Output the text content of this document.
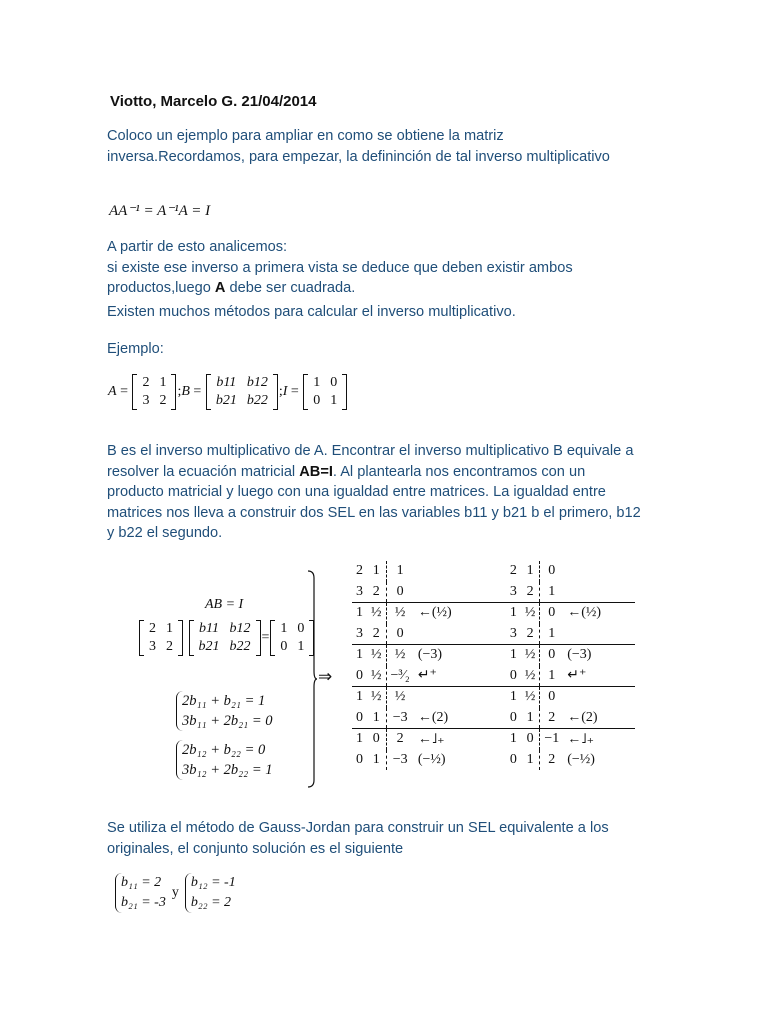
Viotto, Marcelo G. 21/04/2014

Coloco un ejemplo para ampliar en como se obtiene la matriz
inversa.Recordamos, para empezar, la defininción de tal inverso multiplicativo

AA⁻¹ = A⁻¹A = I

A partir de esto analicemos:
si existe ese inverso a primera vista se deduce que deben existir ambos
productos,luego A debe ser cuadrada.

Existen muchos métodos para calcular el inverso multiplicativo.

Ejemplo:

A =
2	1
3	2
; B =
b11	b12
b21	b22
; I =
1	0
0	1

B es el inverso multiplicativo de A. Encontrar el inverso multiplicativo B equivale a
resolver la ecuación matricial AB=I. Al plantearla nos encontramos con un
producto matricial y luego con una igualdad entre matrices. La igualdad entre
matrices nos lleva a construir dos SEL en las variables b11 y b21 b el primero, b12
y b22 el segundo.

AB = I
2	1
3	2

b11	b12
b21	b22
=
1	0
0	1
2b₁₁ + b₂₁ = 1
3b₁₁ + 2b₂₁ = 0
2b₁₂ + b₂₂ = 0
3b₁₂ + 2b₂₂ = 1
⇒
2	1	1			2	1	0	
3	2	0			3	2	1	
1	½	½	←(½)		1	½	0	←(½)
3	2	0			3	2	1	
1	½	½	(−3)		1	½	0	(−3)
0	½	−³⁄₂	↵⁺		0	½	1	↵⁺
1	½	½			1	½	0	
0	1	−3	←(2)		0	1	2	←(2)
1	0	2	←˩₊		1	0	−1	←˩₊
0	1	−3	(−½)		0	1	2	(−½)

Se utiliza el método de Gauss-Jordan para construir un SEL equivalente a los
originales, el conjunto solución es el siguiente

b₁₁ = 2
b₂₁ = -3
y
b₁₂ = -1
b₂₂ = 2
